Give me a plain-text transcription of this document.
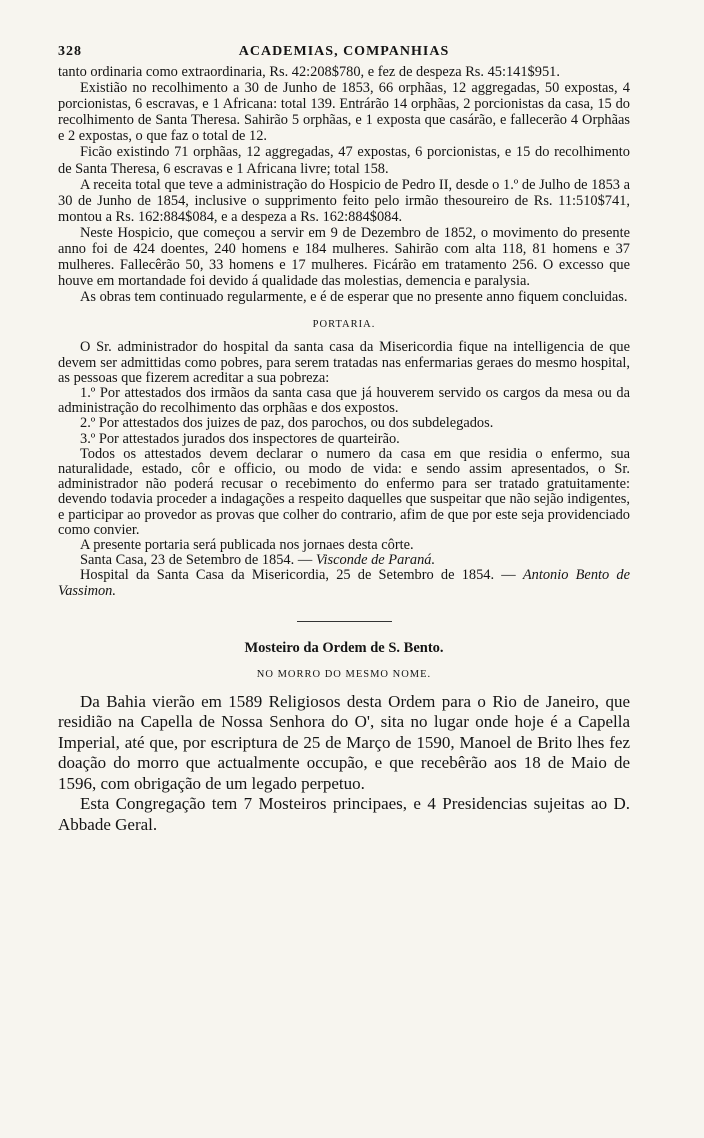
328	ACADEMIAS, COMPANHIAS

tanto ordinaria como extraordinaria, Rs. 42:208$780, e fez de despeza Rs. 45:141$951.

Existião no recolhimento a 30 de Junho de 1853, 66 orphãas, 12 aggregadas, 50 expostas, 4 porcionistas, 6 escravas, e 1 Africana: total 139. Entrárão 14 orphãas, 2 porcionistas da casa, 15 do recolhimento de Santa Theresa. Sahirão 5 orphãas, e 1 exposta que casárão, e fallecerão 4 Orphãas e 2 expostas, o que faz o total de 12.

Ficão existindo 71 orphãas, 12 aggregadas, 47 expostas, 6 porcionistas, e 15 do recolhimento de Santa Theresa, 6 escravas e 1 Africana livre; total 158.

A receita total que teve a administração do Hospicio de Pedro II, desde o 1.º de Julho de 1853 a 30 de Junho de 1854, inclusive o supprimento feito pelo irmão thesoureiro de Rs. 11:510$741, montou a Rs. 162:884$084, e a despeza a Rs. 162:884$084.

Neste Hospicio, que começou a servir em 9 de Dezembro de 1852, o movimento do presente anno foi de 424 doentes, 240 homens e 184 mulheres. Sahirão com alta 118, 81 homens e 37 mulheres. Fallecêrão 50, 33 homens e 17 mulheres. Ficárão em tratamento 256. O excesso que houve em mortandade foi devido á qualidade das molestias, demencia e paralysia.

As obras tem continuado regularmente, e é de esperar que no presente anno fiquem concluidas.

PORTARIA.

O Sr. administrador do hospital da santa casa da Misericordia fique na intelligencia de que devem ser admittidas como pobres, para serem tratadas nas enfermarias geraes do mesmo hospital, as pessoas que fizerem acreditar a sua pobreza:

1.º Por attestados dos irmãos da santa casa que já houverem servido os cargos da mesa ou da administração do recolhimento das orphãas e dos expostos.

2.º Por attestados dos juizes de paz, dos parochos, ou dos subdelegados.

3.º Por attestados jurados dos inspectores de quarteirão.

Todos os attestados devem declarar o numero da casa em que residia o enfermo, sua naturalidade, estado, côr e officio, ou modo de vida: e sendo assim apresentados, o Sr. administrador não poderá recusar o recebimento do enfermo para ser tratado gratuitamente: devendo todavia proceder a indagações a respeito daquelles que suspeitar que não sejão indigentes, e participar ao provedor as provas que colher do contrario, afim de que por este seja providenciado como convier.

A presente portaria será publicada nos jornaes desta côrte.

Santa Casa, 23 de Setembro de 1854. — Visconde de Paraná.

Hospital da Santa Casa da Misericordia, 25 de Setembro de 1854. — Antonio Bento de Vassimon.

Mosteiro da Ordem de S. Bento.
NO MORRO DO MESMO NOME.

Da Bahia vierão em 1589 Religiosos desta Ordem para o Rio de Janeiro, que residião na Capella de Nossa Senhora do O', sita no lugar onde hoje é a Capella Imperial, até que, por escriptura de 25 de Março de 1590, Manoel de Brito lhes fez doação do morro que actualmente occupão, e que recebêrão aos 18 de Maio de 1596, com obrigação de um legado perpetuo.

Esta Congregação tem 7 Mosteiros principaes, e 4 Presidencias sujeitas ao D. Abbade Geral.
